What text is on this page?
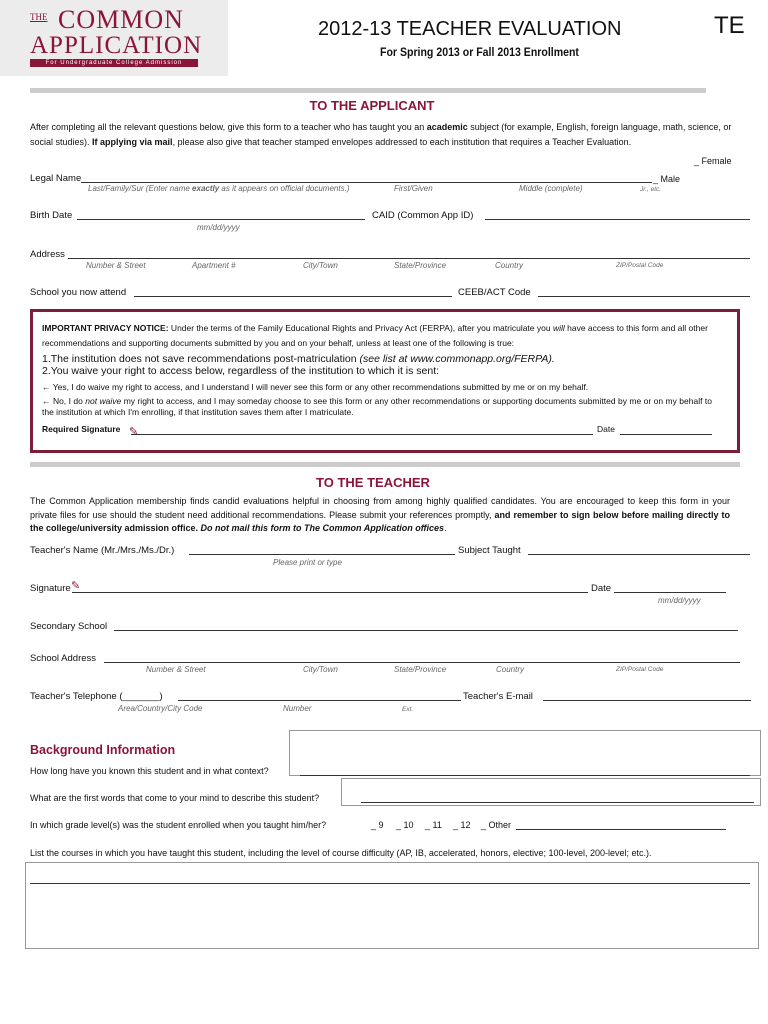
THE COMMON
APPLICATION
For Undergraduate College Admission
2012-13 TEACHER EVALUATION
For Spring 2013 or Fall 2013 Enrollment
TE
TO THE APPLICANT
After completing all the relevant questions below, give this form to a teacher who has taught you an academic subject (for example, English, foreign language, math, science, or social studies). If applying via mail, please also give that teacher stamped envelopes addressed to each institution that requires a Teacher Evaluation.
_ Female
Legal Name	_ Male
Last/Family/Sur (Enter name exactly as it appears on official documents.)	First/Given	Middle (complete)	Jr., etc.
Birth Date
mm/dd/yyyy
CAID (Common App ID)
Address
Number & Street	Apartment #	City/Town	State/Province	Country	ZIP/Postal Code
School you now attend	CEEB/ACT Code
IMPORTANT PRIVACY NOTICE: Under the terms of the Family Educational Rights and Privacy Act (FERPA), after you matriculate you will have access to this form and all other recommendations and supporting documents submitted by you and on your behalf, unless at least one of the following is true:
1.The institution does not save recommendations post-matriculation (see list at www.commonapp.org/FERPA).
2.You waive your right to access below, regardless of the institution to which it is sent:
← Yes, I do waive my right to access, and I understand I will never see this form or any other recommendations submitted by me or on my behalf.
← No, I do not waive my right to access, and I may someday choose to see this form or any other recommendations or supporting documents submitted by me or on my behalf to the institution at which I'm enrolling, if that institution saves them after I matriculate.
Required Signature ✎	Date
TO THE TEACHER
The Common Application membership finds candid evaluations helpful in choosing from among highly qualified candidates. You are encouraged to keep this form in your private files for use should the student need additional recommendations. Please submit your references promptly, and remember to sign below before mailing directly to the college/university admission office. Do not mail this form to The Common Application offices.
Teacher's Name (Mr./Mrs./Ms./Dr.)
Please print or type
Subject Taught
Signature ✎	Date
mm/dd/yyyy
Secondary School
School Address
Number & Street	City/Town	State/Province	Country	ZIP/Postal Code
Teacher's Telephone (_______)
Area/Country/City Code	Number	Ext.
Teacher's E-mail
Background Information
How long have you known this student and in what context?
What are the first words that come to your mind to describe this student?
In which grade level(s) was the student enrolled when you taught him/her?	_ 9 _ 10 _ 11 _ 12 _ Other
List the courses in which you have taught this student, including the level of course difficulty (AP, IB, accelerated, honors, elective; 100-level, 200-level; etc.).
